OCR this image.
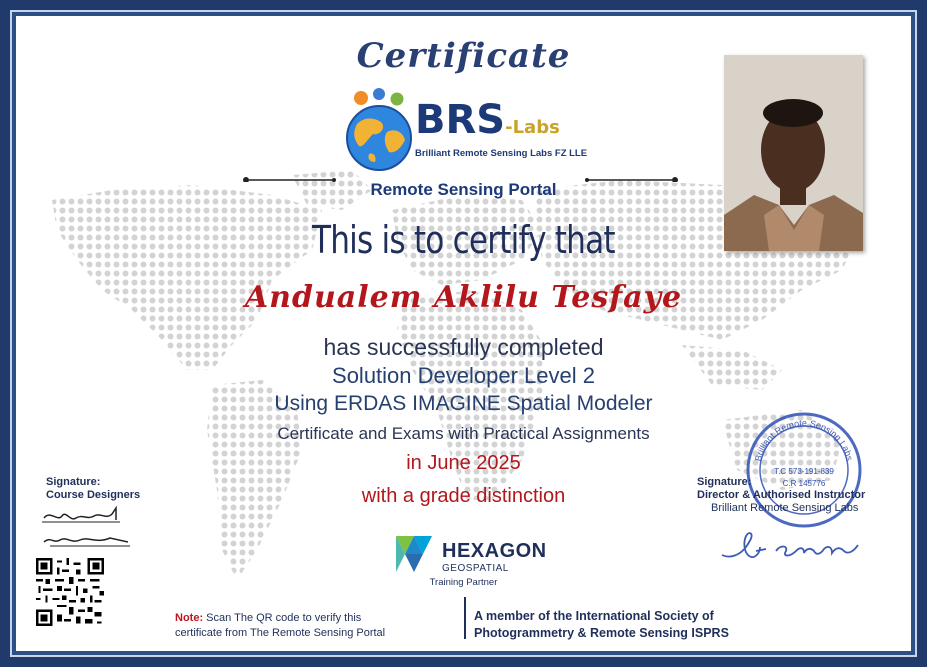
Certificate
BRS-Labs
Brilliant Remote Sensing Labs FZ LLE
Remote Sensing Portal
This is to certify that
Andualem Aklilu Tesfaye
has successfully completed
Solution Developer Level 2
Using ERDAS IMAGINE Spatial Modeler
Certificate and Exams with Practical Assignments
in June 2025
with a grade distinction
Signature:
Course Designers
Brilliant Remote Sensing Labs
T.C 573-191-839
C.R 145776
Signature:
Director & Authorised Instructor
Brilliant Remote Sensing Labs
HEXAGON
GEOSPATIAL
Training Partner
Note: Scan The QR code to verify this
certificate from The Remote Sensing Portal
A member of the International Society of
Photogrammetry & Remote Sensing ISPRS
